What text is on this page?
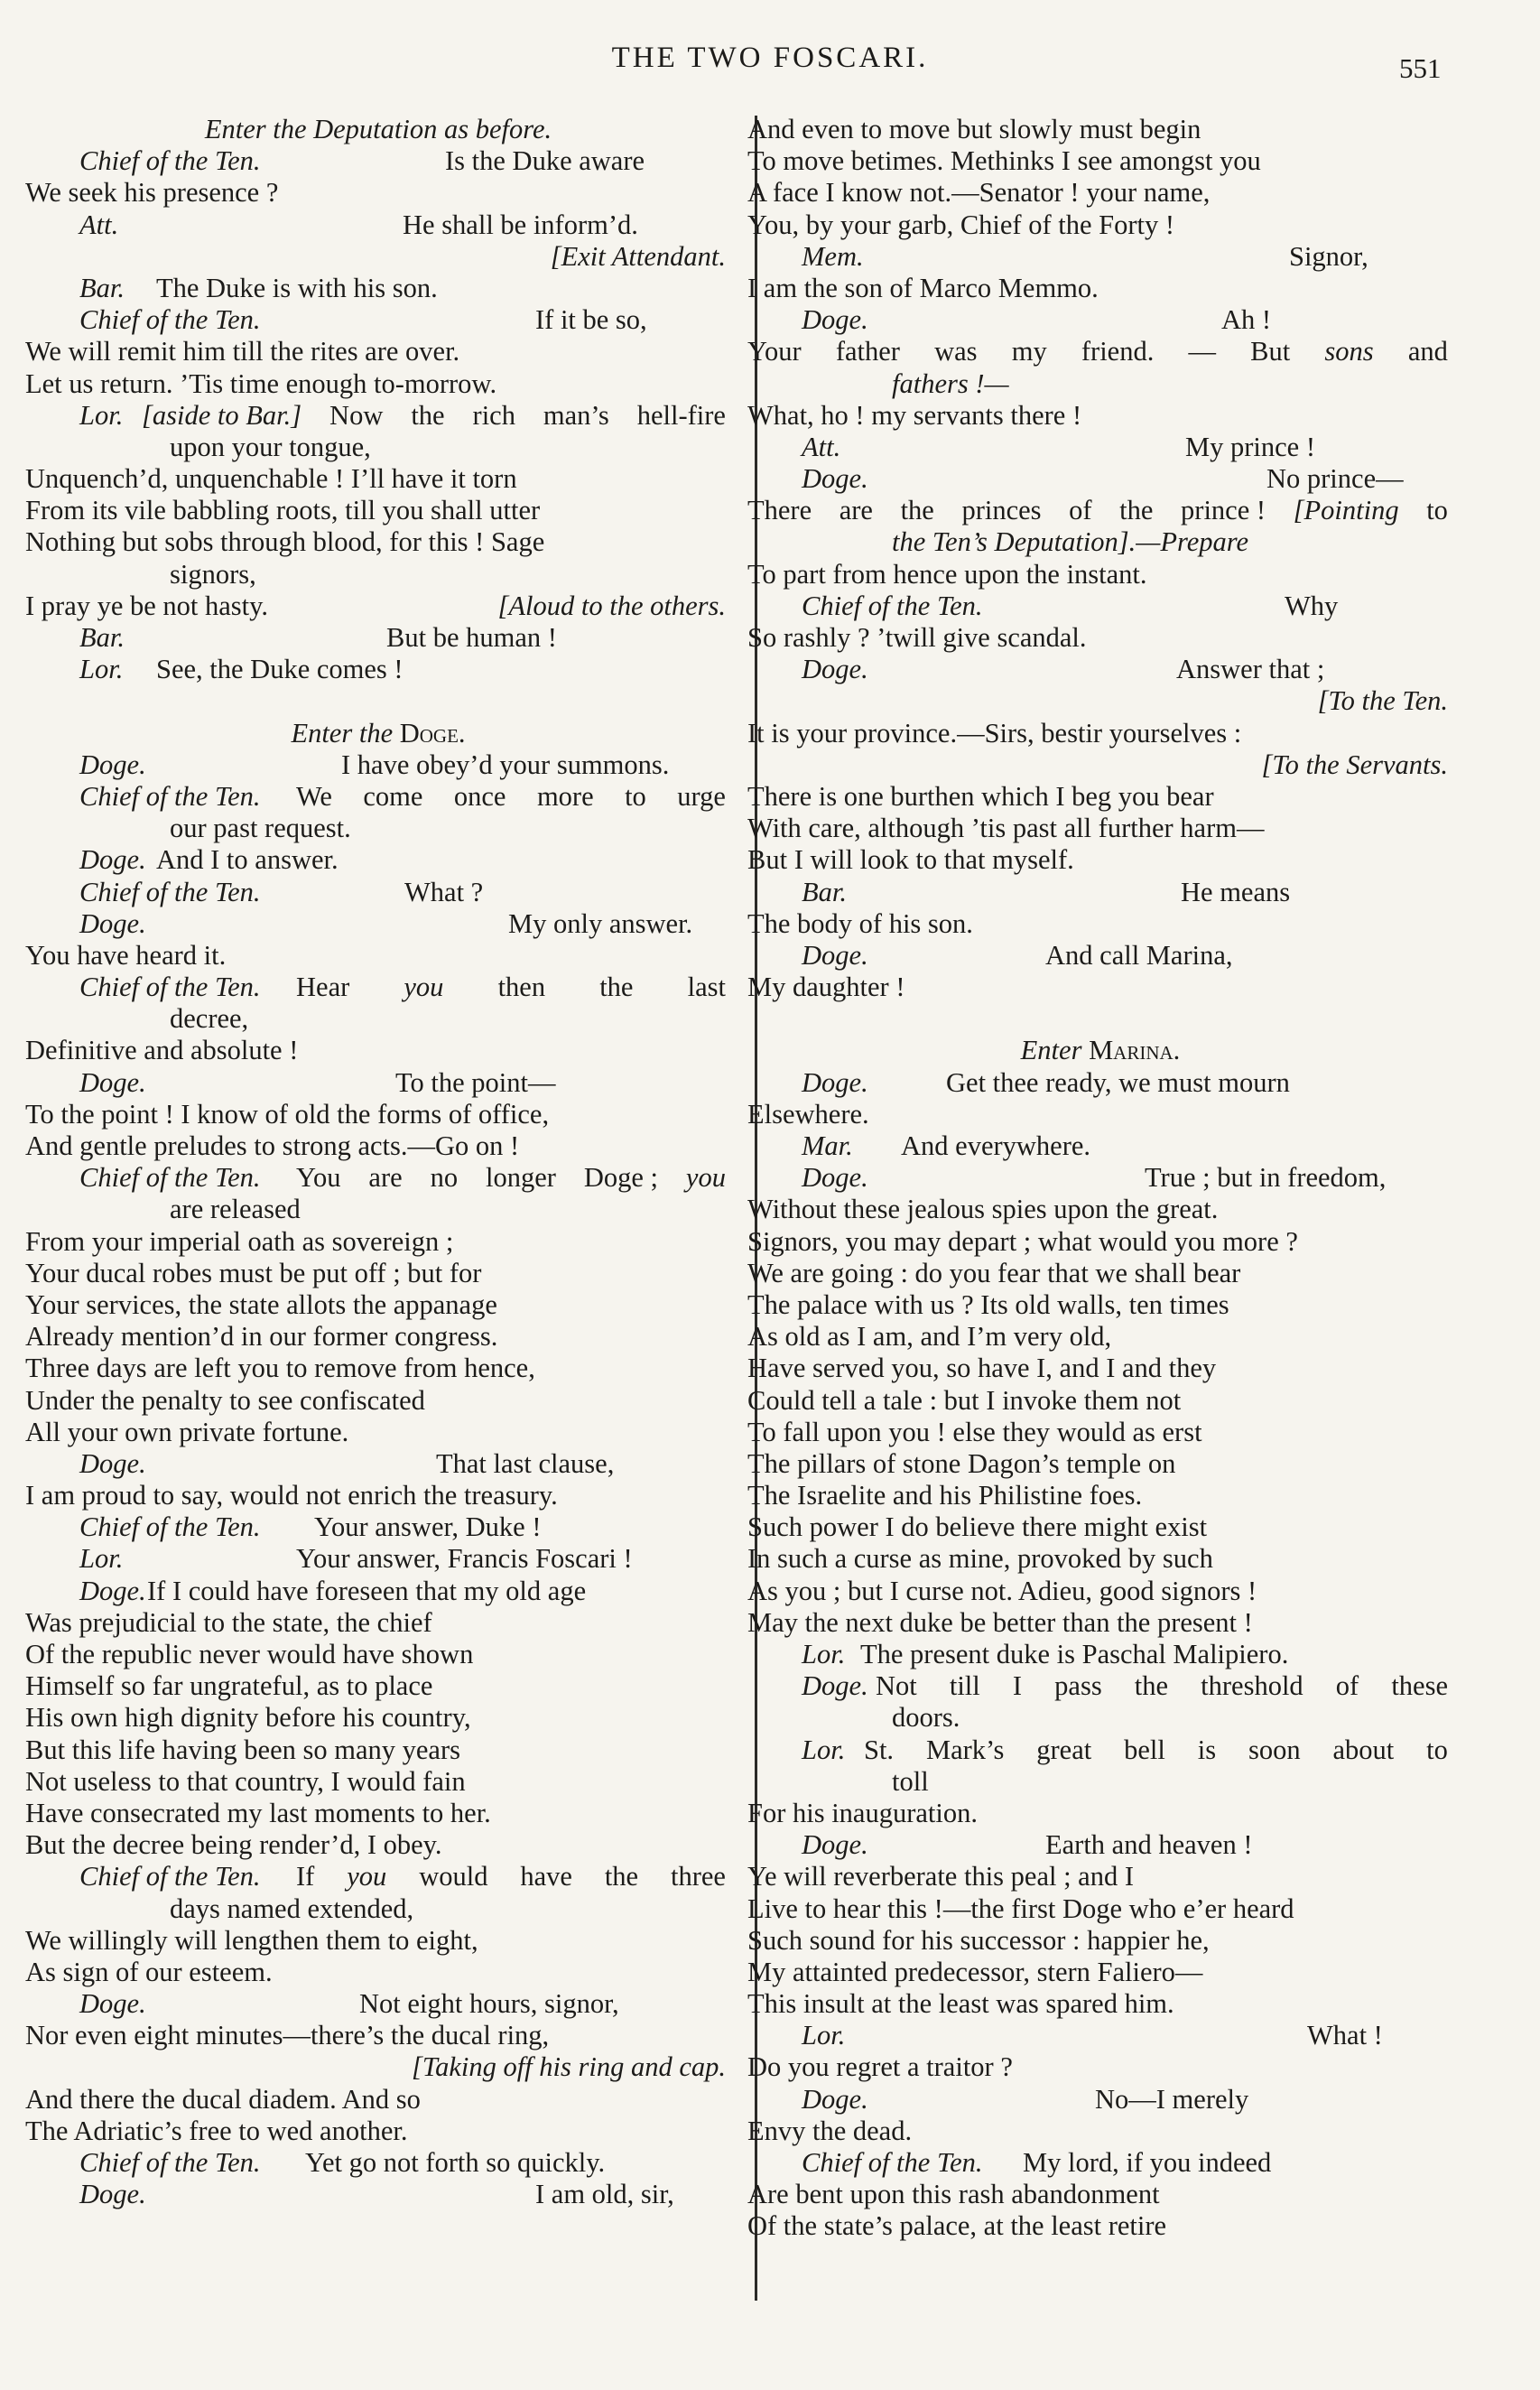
THE TWO FOSCARI.	551
Enter the Deputation as before.
Chief of the Ten.	Is the Duke aware
We seek his presence ?
Att.	He shall be inform’d.
[Exit Attendant.
Bar. The Duke is with his son.
Chief of the Ten.	If it be so,
We will remit him till the rites are over.
Let us return. ’Tis time enough to-morrow.
Lor. [aside to Bar.] Now the rich man’s hell-fire
upon your tongue,
Unquench’d, unquenchable ! I’ll have it torn
From its vile babbling roots, till you shall utter
Nothing but sobs through blood, for this ! Sage
signors,
I pray ye be not hasty.	[Aloud to the others.
Bar.	But be human !
Lor. See, the Duke comes !
Enter the Doge.
Doge.	I have obey’d your summons.
Chief of the Ten. We come once more to urge
our past request.
Doge. And I to answer.
Chief of the Ten.	What ?
Doge.	My only answer.
You have heard it.
Chief of the Ten. Hear you then the last
decree,
Definitive and absolute !
Doge.	To the point—
To the point ! I know of old the forms of office,
And gentle preludes to strong acts.—Go on !
Chief of the Ten. You are no longer Doge ; you
are released
From your imperial oath as sovereign ;
Your ducal robes must be put off ; but for
Your services, the state allots the appanage
Already mention’d in our former congress.
Three days are left you to remove from hence,
Under the penalty to see confiscated
All your own private fortune.
Doge.	That last clause,
I am proud to say, would not enrich the treasury.
Chief of the Ten. Your answer, Duke !
Lor.	Your answer, Francis Foscari !
Doge. If I could have foreseen that my old age
Was prejudicial to the state, the chief
Of the republic never would have shown
Himself so far ungrateful, as to place
His own high dignity before his country,
But this life having been so many years
Not useless to that country, I would fain
Have consecrated my last moments to her.
But the decree being render’d, I obey.
Chief of the Ten. If you would have the three
days named extended,
We willingly will lengthen them to eight,
As sign of our esteem.
Doge.	Not eight hours, signor,
Nor even eight minutes—there’s the ducal ring,
[Taking off his ring and cap.
And there the ducal diadem. And so
The Adriatic’s free to wed another.
Chief of the Ten. Yet go not forth so quickly.
Doge.	I am old, sir,
And even to move but slowly must begin
To move betimes. Methinks I see amongst you
A face I know not.—Senator ! your name,
You, by your garb, Chief of the Forty !
Mem.	Signor,
I am the son of Marco Memmo.
Doge.	Ah !
Your father was my friend. — But sons and
fathers !—
What, ho ! my servants there !
Att.	My prince !
Doge.	No prince—
There are the princes of the prince ! [Pointing to
the Ten’s Deputation].—Prepare
To part from hence upon the instant.
Chief of the Ten.	Why
So rashly ? ’twill give scandal.
Doge.	Answer that ;
[To the Ten.
It is your province.—Sirs, bestir yourselves :
[To the Servants.
There is one burthen which I beg you bear
With care, although ’tis past all further harm—
But I will look to that myself.
Bar.	He means
The body of his son.
Doge.	And call Marina,
My daughter !
Enter Marina.
Doge.	Get thee ready, we must mourn
Elsewhere.
Mar. And everywhere.
Doge.	True ; but in freedom,
Without these jealous spies upon the great.
Signors, you may depart ; what would you more ?
We are going : do you fear that we shall bear
The palace with us ? Its old walls, ten times
As old as I am, and I’m very old,
Have served you, so have I, and I and they
Could tell a tale : but I invoke them not
To fall upon you ! else they would as erst
The pillars of stone Dagon’s temple on
The Israelite and his Philistine foes.
Such power I do believe there might exist
In such a curse as mine, provoked by such
As you ; but I curse not. Adieu, good signors !
May the next duke be better than the present !
Lor. The present duke is Paschal Malipiero.
Doge. Not till I pass the threshold of these
doors.
Lor. St. Mark’s great bell is soon about to
toll
For his inauguration.
Doge.	Earth and heaven !
Ye will reverberate this peal ; and I
Live to hear this !—the first Doge who e’er heard
Such sound for his successor : happier he,
My attainted predecessor, stern Faliero—
This insult at the least was spared him.
Lor.	What !
Do you regret a traitor ?
Doge.	No—I merely
Envy the dead.
Chief of the Ten. My lord, if you indeed
Are bent upon this rash abandonment
Of the state’s palace, at the least retire
